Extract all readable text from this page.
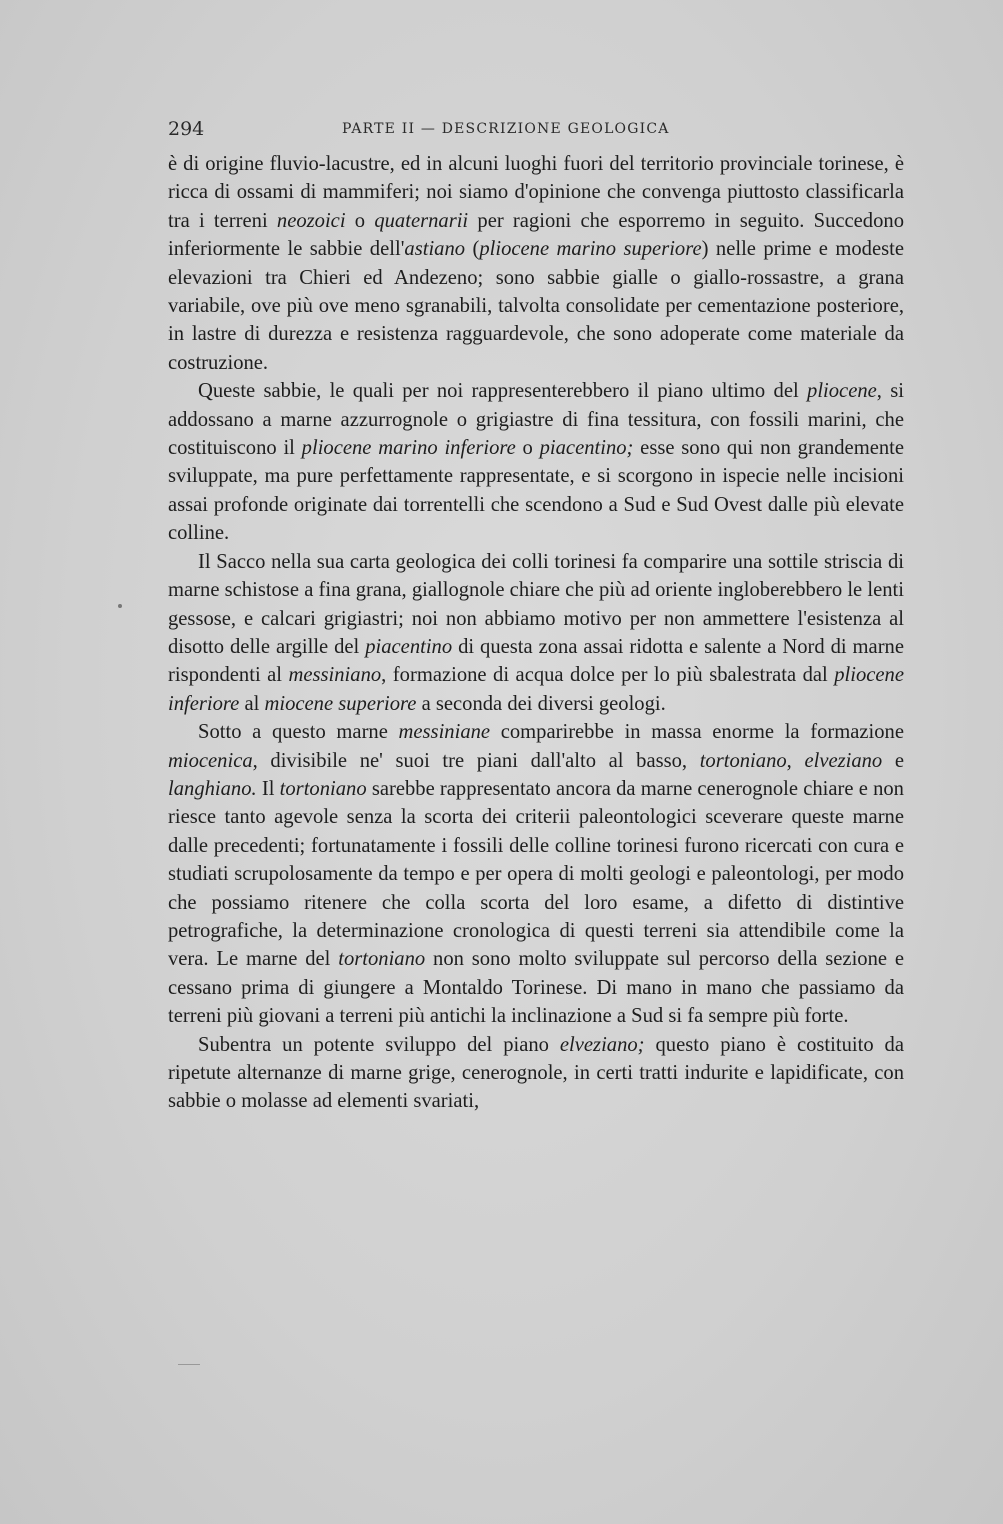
294	PARTE II — DESCRIZIONE GEOLOGICA

è di origine fluvio-lacustre, ed in alcuni luoghi fuori del territorio provinciale torinese, è ricca di ossami di mammiferi; noi siamo d'opinione che convenga piuttosto classificarla tra i terreni neozoici o quaternarii per ragioni che esporremo in seguito. Succedono inferiormente le sabbie dell'astiano (pliocene marino superiore) nelle prime e modeste elevazioni tra Chieri ed Andezeno; sono sabbie gialle o giallo-rossastre, a grana variabile, ove più ove meno sgranabili, talvolta consolidate per cementazione posteriore, in lastre di durezza e resistenza ragguardevole, che sono adoperate come materiale da costruzione.

Queste sabbie, le quali per noi rappresenterebbero il piano ultimo del pliocene, si addossano a marne azzurrognole o grigiastre di fina tessitura, con fossili marini, che costituiscono il pliocene marino inferiore o piacentino; esse sono qui non grandemente sviluppate, ma pure perfettamente rappresentate, e si scorgono in ispecie nelle incisioni assai profonde originate dai torrentelli che scendono a Sud e Sud Ovest dalle più elevate colline.

Il Sacco nella sua carta geologica dei colli torinesi fa comparire una sottile striscia di marne schistose a fina grana, giallognole chiare che più ad oriente ingloberebbero le lenti gessose, e calcari grigiastri; noi non abbiamo motivo per non ammettere l'esistenza al disotto delle argille del piacentino di questa zona assai ridotta e salente a Nord di marne rispondenti al messiniano, formazione di acqua dolce per lo più sbalestrata dal pliocene inferiore al miocene superiore a seconda dei diversi geologi.

Sotto a questo marne messiniane comparirebbe in massa enorme la formazione miocenica, divisibile ne' suoi tre piani dall'alto al basso, tortoniano, elveziano e langhiano. Il tortoniano sarebbe rappresentato ancora da marne cenerognole chiare e non riesce tanto agevole senza la scorta dei criterii paleontologici sceverare queste marne dalle precedenti; fortunatamente i fossili delle colline torinesi furono ricercati con cura e studiati scrupolosamente da tempo e per opera di molti geologi e paleontologi, per modo che possiamo ritenere che colla scorta del loro esame, a difetto di distintive petrografiche, la determinazione cronologica di questi terreni sia attendibile come la vera. Le marne del tortoniano non sono molto sviluppate sul percorso della sezione e cessano prima di giungere a Montaldo Torinese. Di mano in mano che passiamo da terreni più giovani a terreni più antichi la inclinazione a Sud si fa sempre più forte.

Subentra un potente sviluppo del piano elveziano; questo piano è costituito da ripetute alternanze di marne grige, cenerognole, in certi tratti indurite e lapidificate, con sabbie o molasse ad elementi svariati,
